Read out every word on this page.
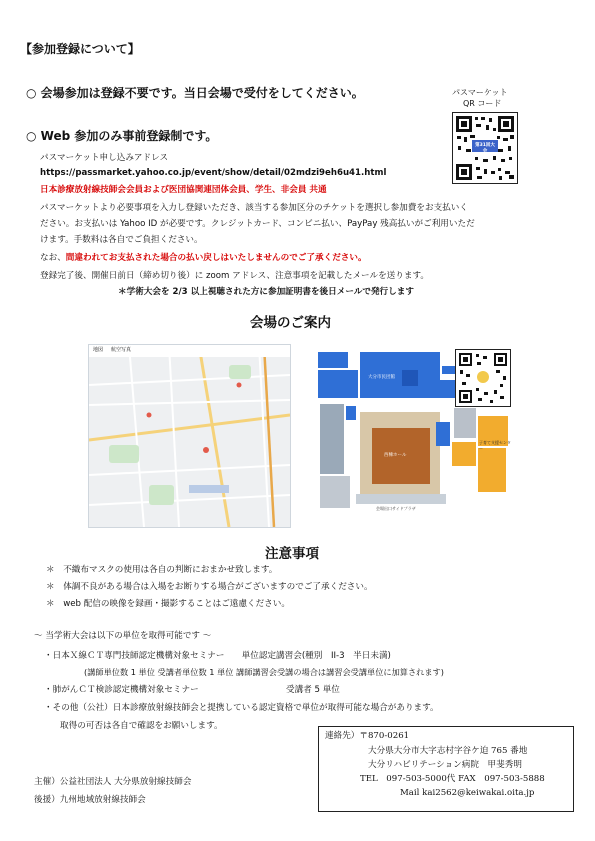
【参加登録について】
○ 会場参加は登録不要です。当日会場で受付をしてください。
○ Web 参加のみ事前登録制です。
パスマーケット
QR コード
第31回大会
パスマーケット申し込みアドレス
https://passmarket.yahoo.co.jp/event/show/detail/02mdzi9eh6u41.html
日本診療放射線技師会会員および医団協関連団体会員、学生、非会員 共通
パスマーケットより必要事項を入力し登録いただき、該当する参加区分のチケットを選択し参加費をお支払いく
ださい。お支払いは Yahoo ID が必要です。クレジットカード、コンビニ払い、PayPay 残高払いがご利用いただ
けます。手数料は各自でご負担ください。
なお、間違われてお支払された場合の払い戻しはいたしませんのでご了承ください。
登録完了後、開催日前日（締め切り後）に zoom アドレス、注意事項を記載したメールを送ります。
＊学術大会を 2/3 以上視聴された方に参加証明書を後日メールで発行します
会場のご案内
地図 航空写真
大分市民団館
西棟ホール
子育て支援センター
会場出口サイドプラザ
注意事項
＊　不織布マスクの使用は各自の判断におまかせ致します。
＊　体調不良がある場合は入場をお断りする場合がございますのでご了承ください。
＊　web 配信の映像を録画・撮影することはご遠慮ください。
～ 当学術大会は以下の単位を取得可能です ～
・日本Ｘ線ＣＴ専門技師認定機構対象セミナー　　単位認定講習会(種別　II-3　半日未満)
(講師単位数 1 単位 受講者単位数 1 単位 講師講習会受講の場合は講習会受講単位に加算されます)
・肺がんＣＴ検診認定機構対象セミナー	受講者 5 単位
・その他（公社）日本診療放射線技師会と提携している認定資格で単位が取得可能な場合があります。
取得の可否は各自で確認をお願いします。
連絡先）〒870-0261
大分県大分市大字志村字谷ケ迫 765 番地
大分リハビリテーション病院　甲斐秀明
TEL　097-503-5000代 FAX　097-503-5888
Mail kai2562@keiwakai.oita.jp
主催）公益社団法人 大分県放射線技師会
後援）九州地域放射線技師会
